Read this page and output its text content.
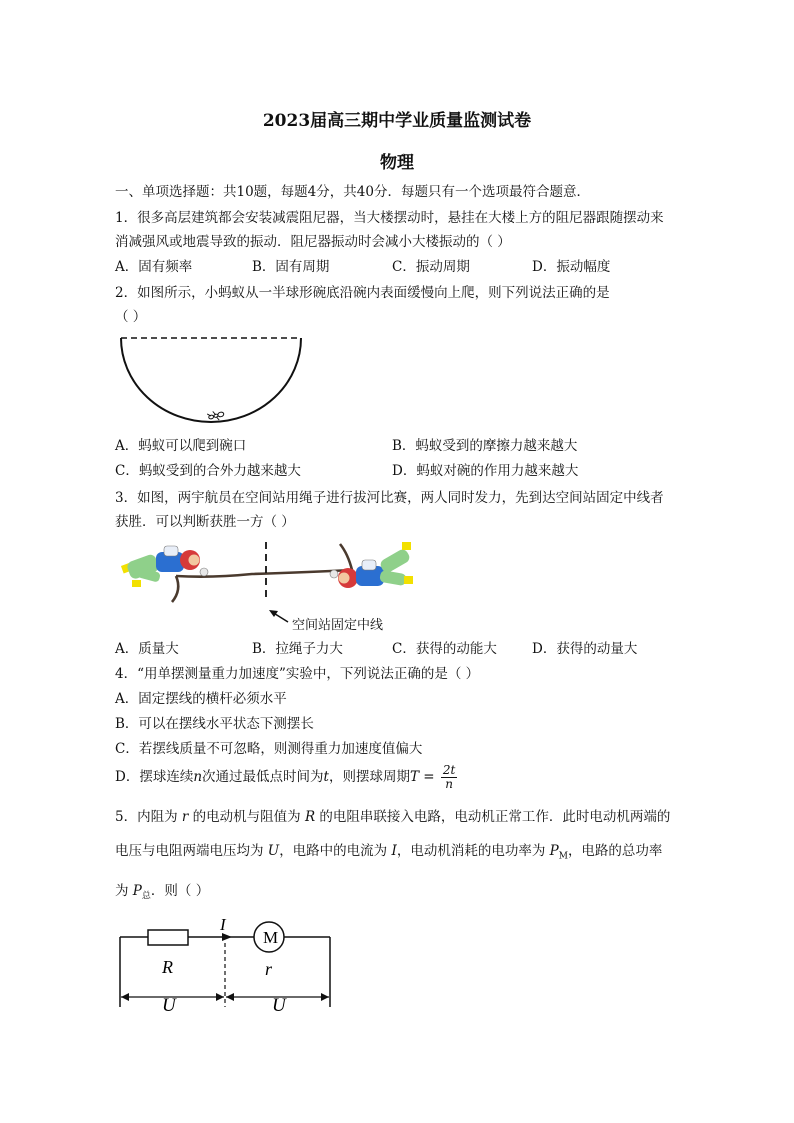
2023届高三期中学业质量监测试卷
物理
一、单项选择题：共10题，每题4分，共40分．每题只有一个选项最符合题意．
1．很多高层建筑都会安装减震阻尼器，当大楼摆动时，悬挂在大楼上方的阻尼器跟随摆动来
消减强风或地震导致的振动．阻尼器振动时会减小大楼振动的（ ）
A．固有频率	B．固有周期	C．振动周期	D．振动幅度
2．如图所示，小蚂蚁从一半球形碗底沿碗内表面缓慢向上爬，则下列说法正确的是
（ ）
A．蚂蚁可以爬到碗口	B．蚂蚁受到的摩擦力越来越大
C．蚂蚁受到的合外力越来越大	D．蚂蚁对碗的作用力越来越大
3．如图，两宇航员在空间站用绳子进行拔河比赛，两人同时发力，先到达空间站固定中线者
获胜．可以判断获胜一方（ ）
空间站固定中线
A．质量大	B．拉绳子力大	C．获得的动能大	D．获得的动量大
4．“用单摆测量重力加速度”实验中，下列说法正确的是（ ）
A．固定摆线的横杆必须水平
B．可以在摆线水平状态下测摆长
C．若摆线质量不可忽略，则测得重力加速度值偏大
D．摆球连续n次通过最低点时间为t，则摆球周期$T = \frac{2t}{n}$
5．内阻为 r 的电动机与阻值为 R 的电阻串联接入电路，电动机正常工作．此时电动机两端的
电压与电阻两端电压均为 U，电路中的电流为 I，电动机消耗的电功率为 $P_M$，电路的总功率
为 $P_总$．则（ ）
I
M
R	r
U	U
